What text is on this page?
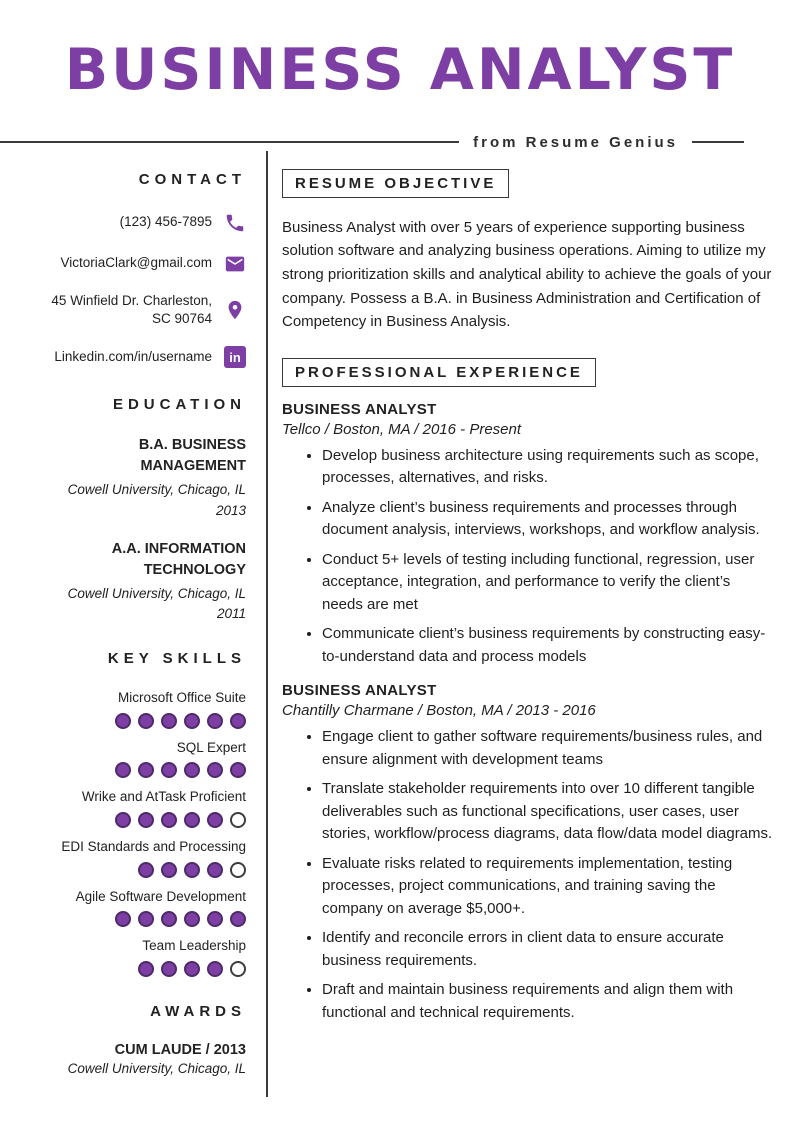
BUSINESS ANALYST
from Resume Genius
CONTACT
(123) 456-7895
VictoriaClark@gmail.com
45 Winfield Dr. Charleston, SC 90764
Linkedin.com/in/username	in
EDUCATION
B.A. BUSINESS MANAGEMENT
Cowell University, Chicago, IL
2013
A.A. INFORMATION TECHNOLOGY
Cowell University, Chicago, IL
2011
KEY SKILLS
Microsoft Office Suite
SQL Expert
Wrike and AtTask Proficient
EDI Standards and Processing
Agile Software Development
Team Leadership
AWARDS
CUM LAUDE / 2013
Cowell University, Chicago, IL
RESUME OBJECTIVE

Business Analyst with over 5 years of experience supporting business solution software and analyzing business operations. Aiming to utilize my strong prioritization skills and analytical ability to achieve the goals of your company. Possess a B.A. in Business Administration and Certification of Competency in Business Analysis.

PROFESSIONAL EXPERIENCE
BUSINESS ANALYST
Tellco / Boston, MA / 2016 - Present
• Develop business architecture using requirements such as scope, processes, alternatives, and risks.
• Analyze client’s business requirements and processes through document analysis, interviews, workshops, and workflow analysis.
• Conduct 5+ levels of testing including functional, regression, user acceptance, integration, and performance to verify the client’s needs are met
• Communicate client’s business requirements by constructing easy- to-understand data and process models
BUSINESS ANALYST
Chantilly Charmane / Boston, MA / 2013 - 2016
• Engage client to gather software requirements/business rules, and ensure alignment with development teams
• Translate stakeholder requirements into over 10 different tangible deliverables such as functional specifications, user cases, user stories, workflow/process diagrams, data flow/data model diagrams.
• Evaluate risks related to requirements implementation, testing processes, project communications, and training saving the company on average $5,000+.
• Identify and reconcile errors in client data to ensure accurate business requirements.
• Draft and maintain business requirements and align them with functional and technical requirements.
